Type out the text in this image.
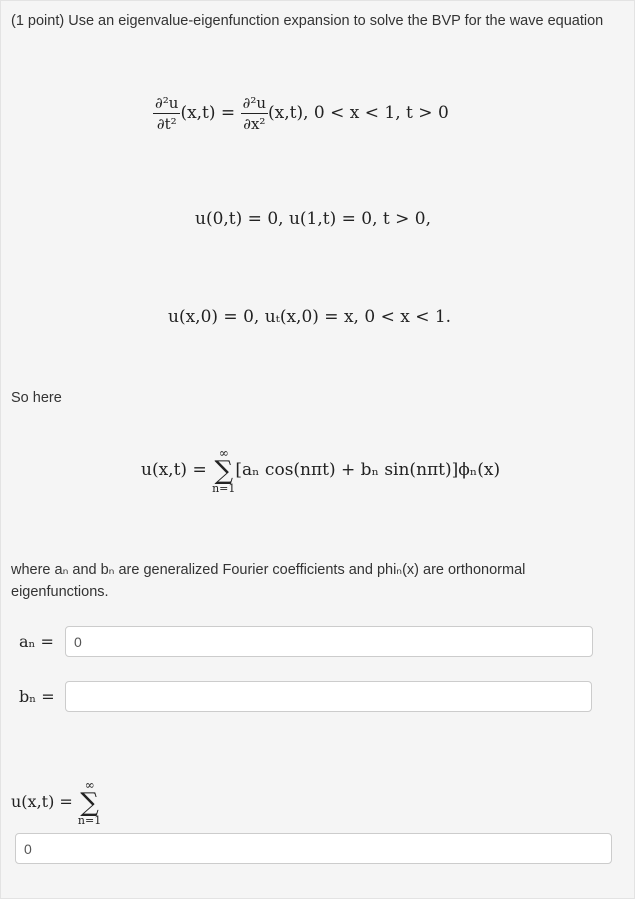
(1 point) Use an eigenvalue-eigenfunction expansion to solve the BVP for the wave equation
$\frac{\text{∂²u}}{\text{∂t²}} (x,t) = \frac{\text{∂²u}}{\text{∂x²}} (x,t)$, 0 < x < 1, t > 0
u(0,t) = 0, u(1,t) = 0, t > 0,
u(x,0) = 0, uₜ(x,0) = x, 0 < x < 1.
So here
u(x,t) =
∞
∑
n=1
[aₙ cos(nπt) + bₙ sin(nπt)]ϕₙ(x)
where aₙ and bₙ are generalized Fourier coefficients and phiₙ(x) are orthonormal eigenfunctions.
aₙ =	0
bₙ =
u(x,t) =
∞
∑
n=1
0
